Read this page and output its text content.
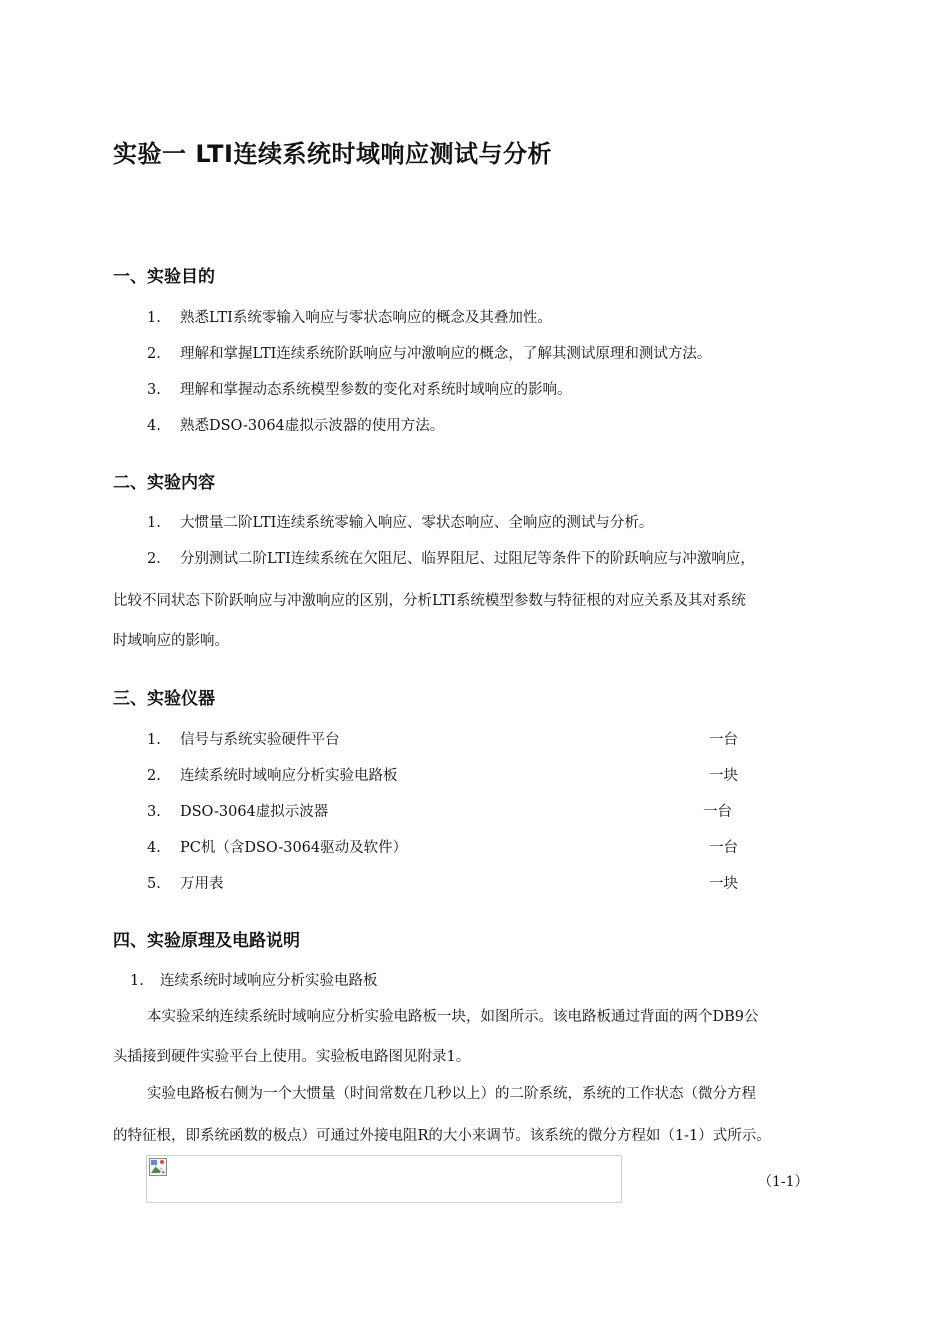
实验一 LTI连续系统时域响应测试与分析
一、实验目的
1. 熟悉LTI系统零输入响应与零状态响应的概念及其叠加性。
2. 理解和掌握LTI连续系统阶跃响应与冲激响应的概念，了解其测试原理和测试方法。
3. 理解和掌握动态系统模型参数的变化对系统时域响应的影响。
4. 熟悉DSO-3064虚拟示波器的使用方法。
二、实验内容
1. 大惯量二阶LTI连续系统零输入响应、零状态响应、全响应的测试与分析。
2. 分别测试二阶LTI连续系统在欠阻尼、临界阻尼、过阻尼等条件下的阶跃响应与冲激响应，
比较不同状态下阶跃响应与冲激响应的区别，分析LTI系统模型参数与特征根的对应关系及其对系统
时域响应的影响。
三、实验仪器
1. 信号与系统实验硬件平台	一台
2. 连续系统时域响应分析实验电路板	一块
3. DSO-3064虚拟示波器	一台
4. PC机（含DSO-3064驱动及软件）	一台
5. 万用表	一块
四、实验原理及电路说明
1. 连续系统时域响应分析实验电路板
本实验采纳连续系统时域响应分析实验电路板一块，如图所示。该电路板通过背面的两个DB9公
头插接到硬件实验平台上使用。实验板电路图见附录1。
实验电路板右侧为一个大惯量（时间常数在几秒以上）的二阶系统，系统的工作状态（微分方程
的特征根，即系统函数的极点）可通过外接电阻R的大小来调节。该系统的微分方程如（1-1）式所示。
（1-1）
